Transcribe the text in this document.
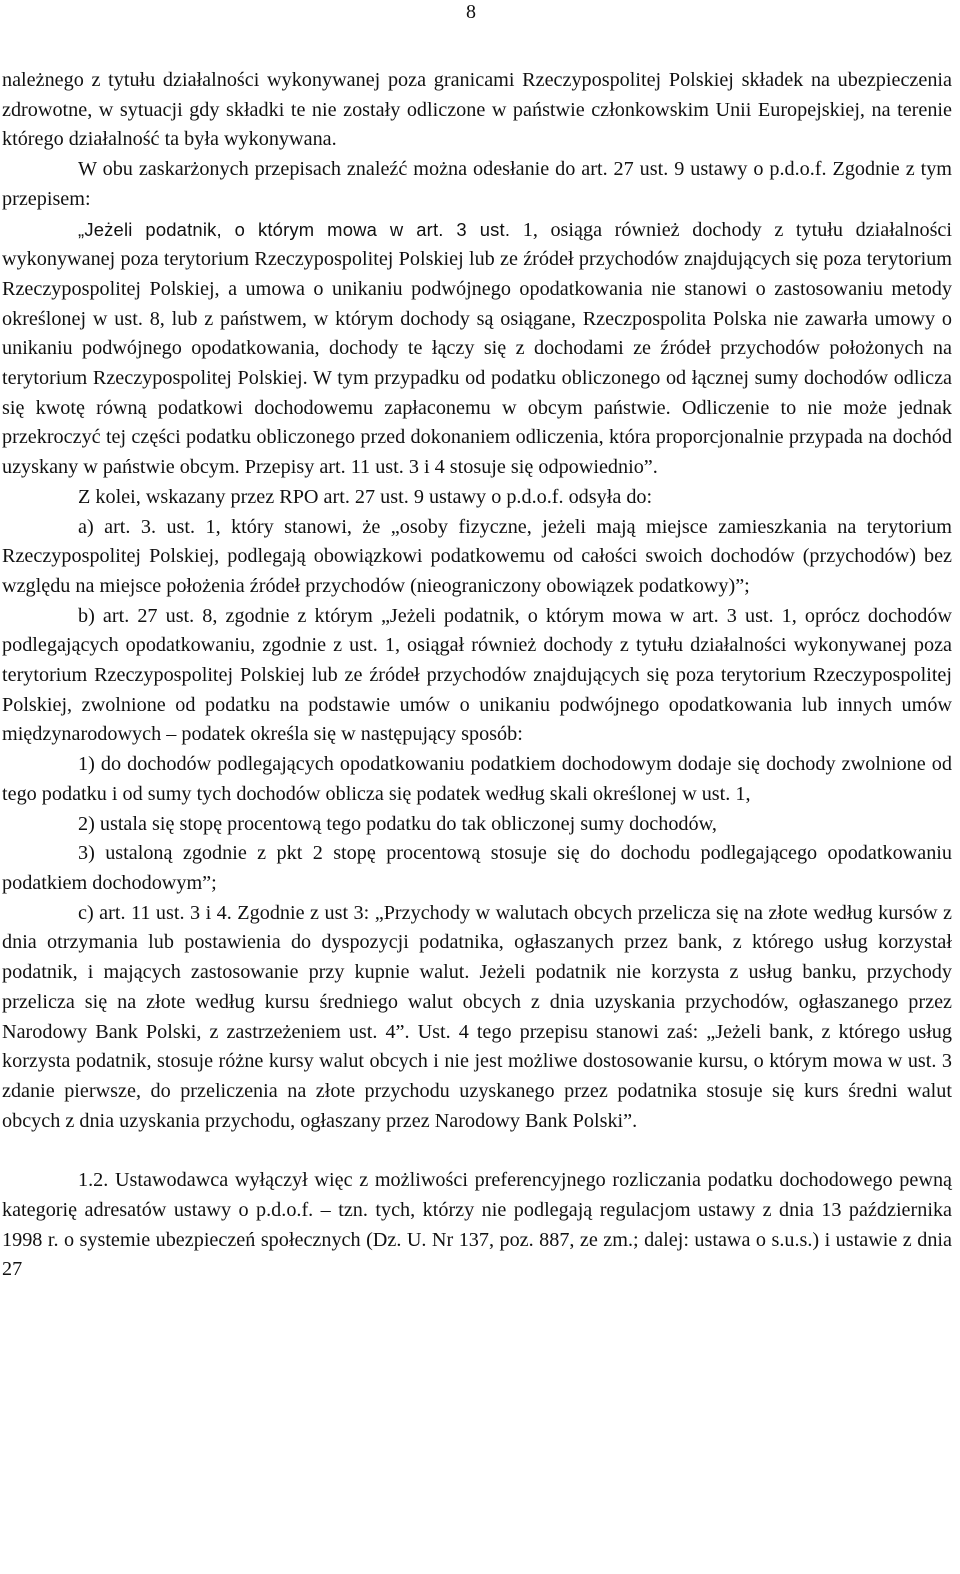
8

należnego z tytułu działalności wykonywanej poza granicami Rzeczypospolitej Polskiej składek na ubezpieczenia zdrowotne, w sytuacji gdy składki te nie zostały odliczone w państwie członkowskim Unii Europejskiej, na terenie którego działalność ta była wykonywana.

W obu zaskarżonych przepisach znaleźć można odesłanie do art. 27 ust. 9 ustawy o p.d.o.f. Zgodnie z tym przepisem:

„Jeżeli podatnik, o którym mowa w art. 3 ust. 1, osiąga również dochody z tytułu działalności wykonywanej poza terytorium Rzeczypospolitej Polskiej lub ze źródeł przychodów znajdujących się poza terytorium Rzeczypospolitej Polskiej, a umowa o unikaniu podwójnego opodatkowania nie stanowi o zastosowaniu metody określonej w ust. 8, lub z państwem, w którym dochody są osiągane, Rzeczpospolita Polska nie zawarła umowy o unikaniu podwójnego opodatkowania, dochody te łączy się z dochodami ze źródeł przychodów położonych na terytorium Rzeczypospolitej Polskiej. W tym przypadku od podatku obliczonego od łącznej sumy dochodów odlicza się kwotę równą podatkowi dochodowemu zapłaconemu w obcym państwie. Odliczenie to nie może jednak przekroczyć tej części podatku obliczonego przed dokonaniem odliczenia, która proporcjonalnie przypada na dochód uzyskany w państwie obcym. Przepisy art. 11 ust. 3 i 4 stosuje się odpowiednio”.

Z kolei, wskazany przez RPO art. 27 ust. 9 ustawy o p.d.o.f. odsyła do:

a) art. 3. ust. 1, który stanowi, że „osoby fizyczne, jeżeli mają miejsce zamieszkania na terytorium Rzeczypospolitej Polskiej, podlegają obowiązkowi podatkowemu od całości swoich dochodów (przychodów) bez względu na miejsce położenia źródeł przychodów (nieograniczony obowiązek podatkowy)”;

b) art. 27 ust. 8, zgodnie z którym „Jeżeli podatnik, o którym mowa w art. 3 ust. 1, oprócz dochodów podlegających opodatkowaniu, zgodnie z ust. 1, osiągał również dochody z tytułu działalności wykonywanej poza terytorium Rzeczypospolitej Polskiej lub ze źródeł przychodów znajdujących się poza terytorium Rzeczypospolitej Polskiej, zwolnione od podatku na podstawie umów o unikaniu podwójnego opodatkowania lub innych umów międzynarodowych – podatek określa się w następujący sposób:

1) do dochodów podlegających opodatkowaniu podatkiem dochodowym dodaje się dochody zwolnione od tego podatku i od sumy tych dochodów oblicza się podatek według skali określonej w ust. 1,

2) ustala się stopę procentową tego podatku do tak obliczonej sumy dochodów,

3) ustaloną zgodnie z pkt 2 stopę procentową stosuje się do dochodu podlegającego opodatkowaniu podatkiem dochodowym”;

c) art. 11 ust. 3 i 4. Zgodnie z ust 3: „Przychody w walutach obcych przelicza się na złote według kursów z dnia otrzymania lub postawienia do dyspozycji podatnika, ogłaszanych przez bank, z którego usług korzystał podatnik, i mających zastosowanie przy kupnie walut. Jeżeli podatnik nie korzysta z usług banku, przychody przelicza się na złote według kursu średniego walut obcych z dnia uzyskania przychodów, ogłaszanego przez Narodowy Bank Polski, z zastrzeżeniem ust. 4”. Ust. 4 tego przepisu stanowi zaś: „Jeżeli bank, z którego usług korzysta podatnik, stosuje różne kursy walut obcych i nie jest możliwe dostosowanie kursu, o którym mowa w ust. 3 zdanie pierwsze, do przeliczenia na złote przychodu uzyskanego przez podatnika stosuje się kurs średni walut obcych z dnia uzyskania przychodu, ogłaszany przez Narodowy Bank Polski”.

1.2. Ustawodawca wyłączył więc z możliwości preferencyjnego rozliczania podatku dochodowego pewną kategorię adresatów ustawy o p.d.o.f. – tzn. tych, którzy nie podlegają regulacjom ustawy z dnia 13 października 1998 r. o systemie ubezpieczeń społecznych (Dz. U. Nr 137, poz. 887, ze zm.; dalej: ustawa o s.u.s.) i ustawie z dnia 27
